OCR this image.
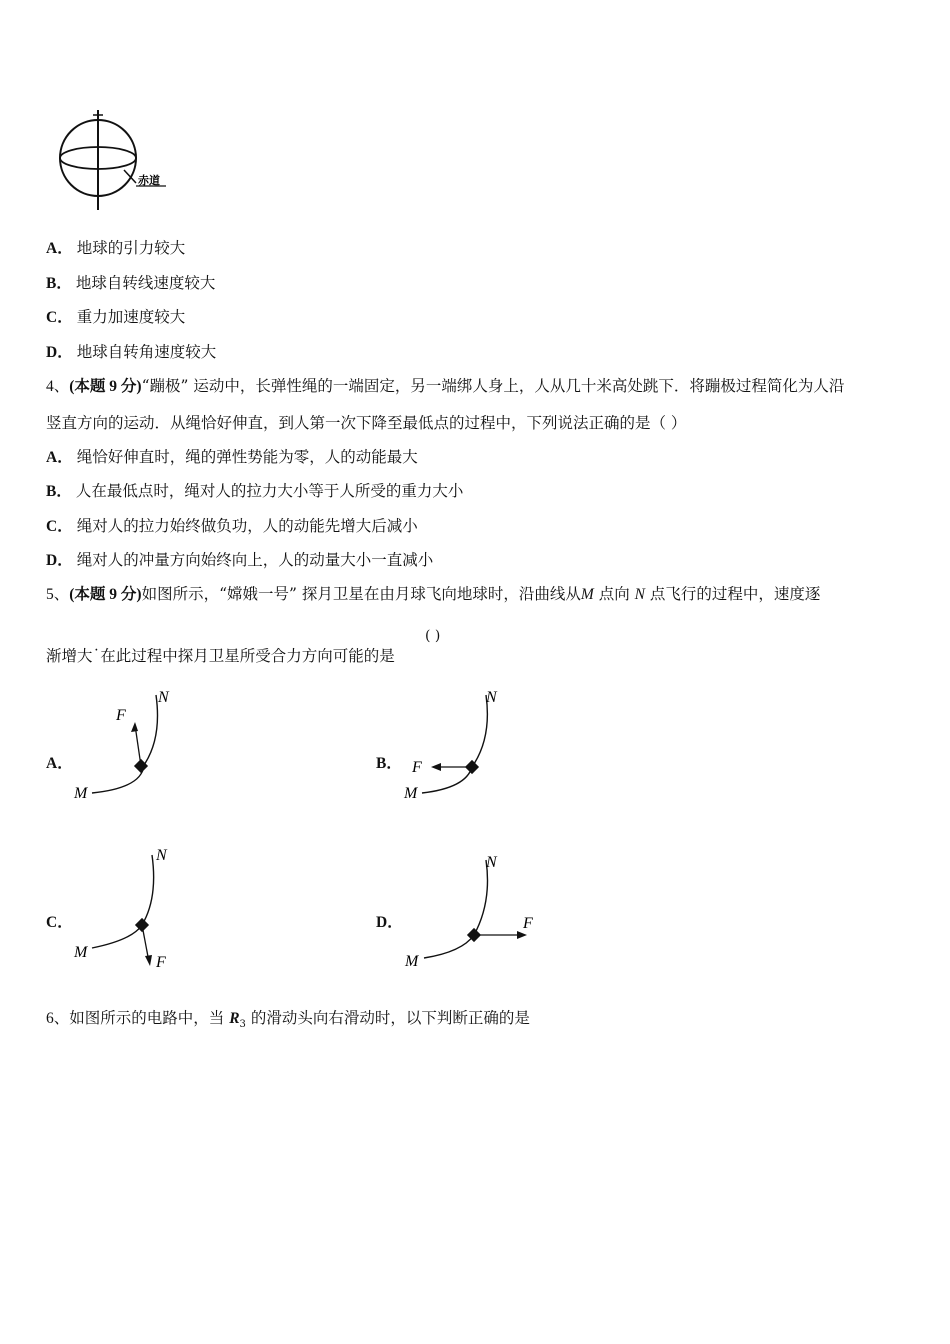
赤道
A． 地球的引力较大
B． 地球自转线速度较大
C． 重力加速度较大
D． 地球自转角速度较大
4、(本题 9 分)“蹦极” 运动中，长弹性绳的一端固定，另一端绑人身上，人从几十米高处跳下．将蹦极过程简化为人沿
竖直方向的运动．从绳恰好伸直，到人第一次下降至最低点的过程中，下列说法正确的是（ ）
A． 绳恰好伸直时，绳的弹性势能为零，人的动能最大
B． 人在最低点时，绳对人的拉力大小等于人所受的重力大小
C． 绳对人的拉力始终做负功，人的动能先增大后减小
D． 绳对人的冲量方向始终向上，人的动量大小一直减小
5、(本题 9 分)如图所示，“嫦娥一号” 探月卫星在由月球飞向地球时，沿曲线从M 点向 N 点飞行的过程中，速度逐
渐增大˙在此过程中探月卫星所受合力方向可能的是
( )
A．
F
N
M
B． F
N
M
C．
F
N
M
D．	F
N
M
6、如图所示的电路中，当 $R_3$ 的滑动头向右滑动时，以下判断正确的是
